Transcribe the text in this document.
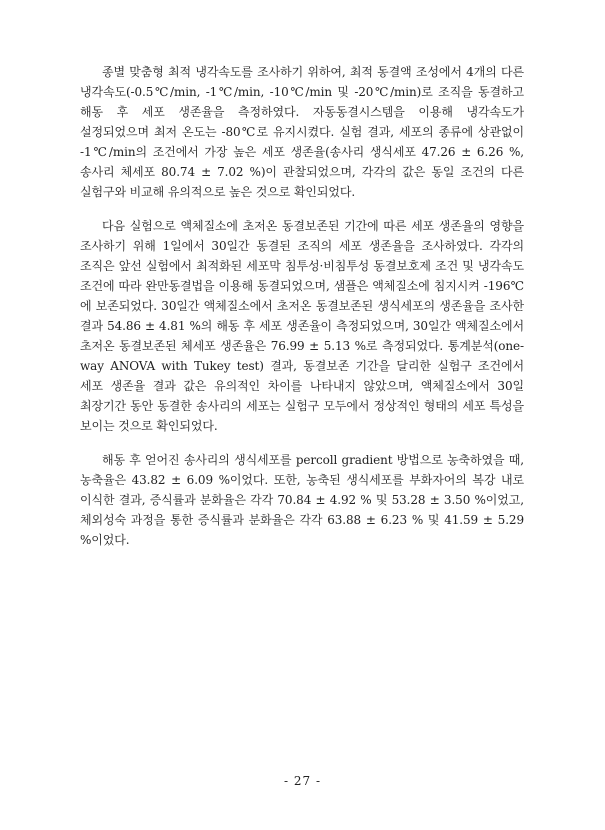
종별 맞춤형 최적 냉각속도를 조사하기 위하여, 최적 동결액 조성에서 4개의 다른 냉각속도(-0.5℃/min, -1℃/min, -10℃/min 및 -20℃/min)로 조직을 동결하고 해동 후 세포 생존율을 측정하였다. 자동동결시스템을 이용해 냉각속도가 설정되었으며 최저 온도는 -80℃로 유지시켰다. 실험 결과, 세포의 종류에 상관없이 -1℃/min의 조건에서 가장 높은 세포 생존율(송사리 생식세포 47.26 ± 6.26 %, 송사리 체세포 80.74 ± 7.02 %)이 관찰되었으며, 각각의 값은 동일 조건의 다른 실험구와 비교해 유의적으로 높은 것으로 확인되었다.

다음 실험으로 액체질소에 초저온 동결보존된 기간에 따른 세포 생존율의 영향을 조사하기 위해 1일에서 30일간 동결된 조직의 세포 생존율을 조사하였다. 각각의 조직은 앞선 실험에서 최적화된 세포막 침투성·비침투성 동결보호제 조건 및 냉각속도 조건에 따라 완만동결법을 이용해 동결되었으며, 샘플은 액체질소에 침지시켜 -196℃에 보존되었다. 30일간 액체질소에서 초저온 동결보존된 생식세포의 생존율을 조사한 결과 54.86 ± 4.81 %의 해동 후 세포 생존율이 측정되었으며, 30일간 액체질소에서 초저온 동결보존된 체세포 생존율은 76.99 ± 5.13 %로 측정되었다. 통계분석(one-way ANOVA with Tukey test) 결과, 동결보존 기간을 달리한 실험구 조건에서 세포 생존율 결과 값은 유의적인 차이를 나타내지 않았으며, 액체질소에서 30일 최장기간 동안 동결한 송사리의 세포는 실험구 모두에서 정상적인 형태의 세포 특성을 보이는 것으로 확인되었다.

해동 후 얻어진 송사리의 생식세포를 percoll gradient 방법으로 농축하였을 때, 농축율은 43.82 ± 6.09 %이었다. 또한, 농축된 생식세포를 부화자어의 복강 내로 이식한 결과, 증식률과 분화율은 각각 70.84 ± 4.92 % 및 53.28 ± 3.50 %이었고, 체외성숙 과정을 통한 증식률과 분화율은 각각 63.88 ± 6.23 % 및 41.59 ± 5.29 %이었다.

- 27 -
